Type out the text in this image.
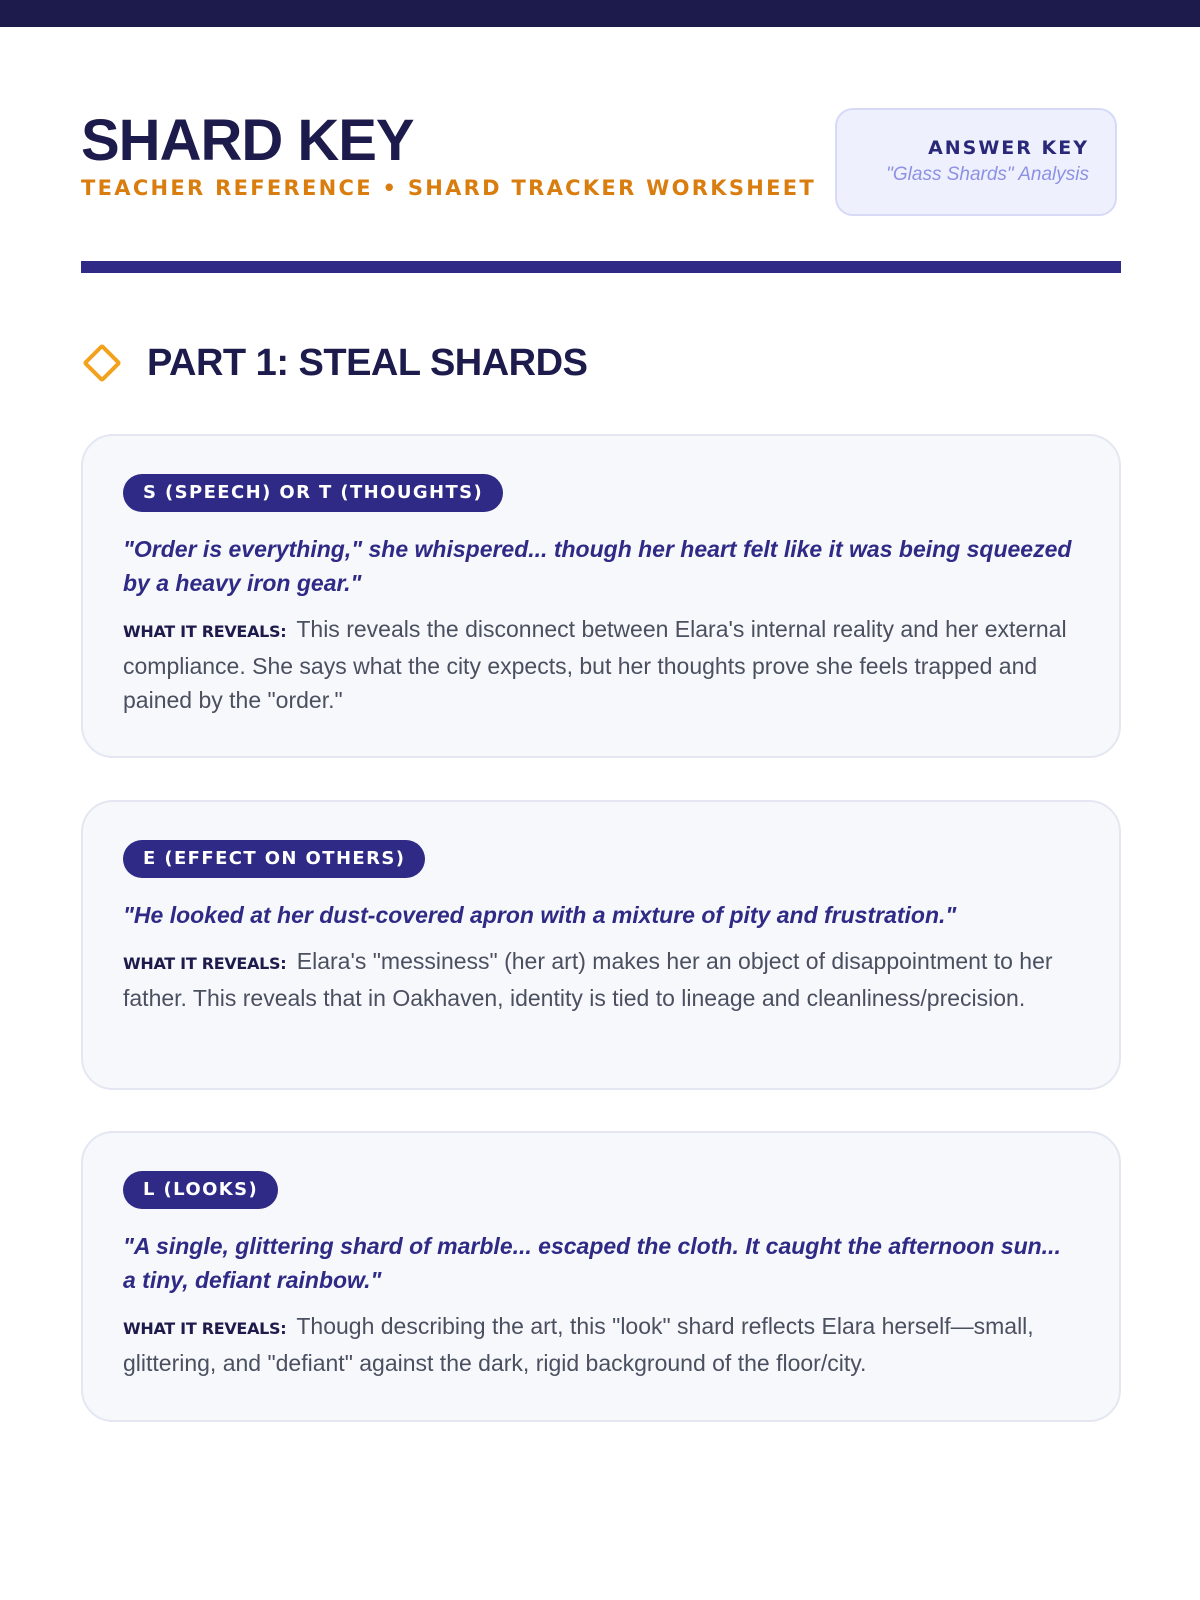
SHARD KEY
TEACHER REFERENCE • SHARD TRACKER WORKSHEET
ANSWER KEY
"Glass Shards" Analysis
PART 1: STEAL SHARDS
S (SPEECH) OR T (THOUGHTS)
"Order is everything," she whispered... though her heart felt like it was being squeezed by a heavy iron gear."
WHAT IT REVEALS: This reveals the disconnect between Elara's internal reality and her external compliance. She says what the city expects, but her thoughts prove she feels trapped and pained by the "order."
E (EFFECT ON OTHERS)
"He looked at her dust-covered apron with a mixture of pity and frustration."
WHAT IT REVEALS: Elara's "messiness" (her art) makes her an object of disappointment to her father. This reveals that in Oakhaven, identity is tied to lineage and cleanliness/precision.
L (LOOKS)
"A single, glittering shard of marble... escaped the cloth. It caught the afternoon sun... a tiny, defiant rainbow."
WHAT IT REVEALS: Though describing the art, this "look" shard reflects Elara herself—small, glittering, and "defiant" against the dark, rigid background of the floor/city.
